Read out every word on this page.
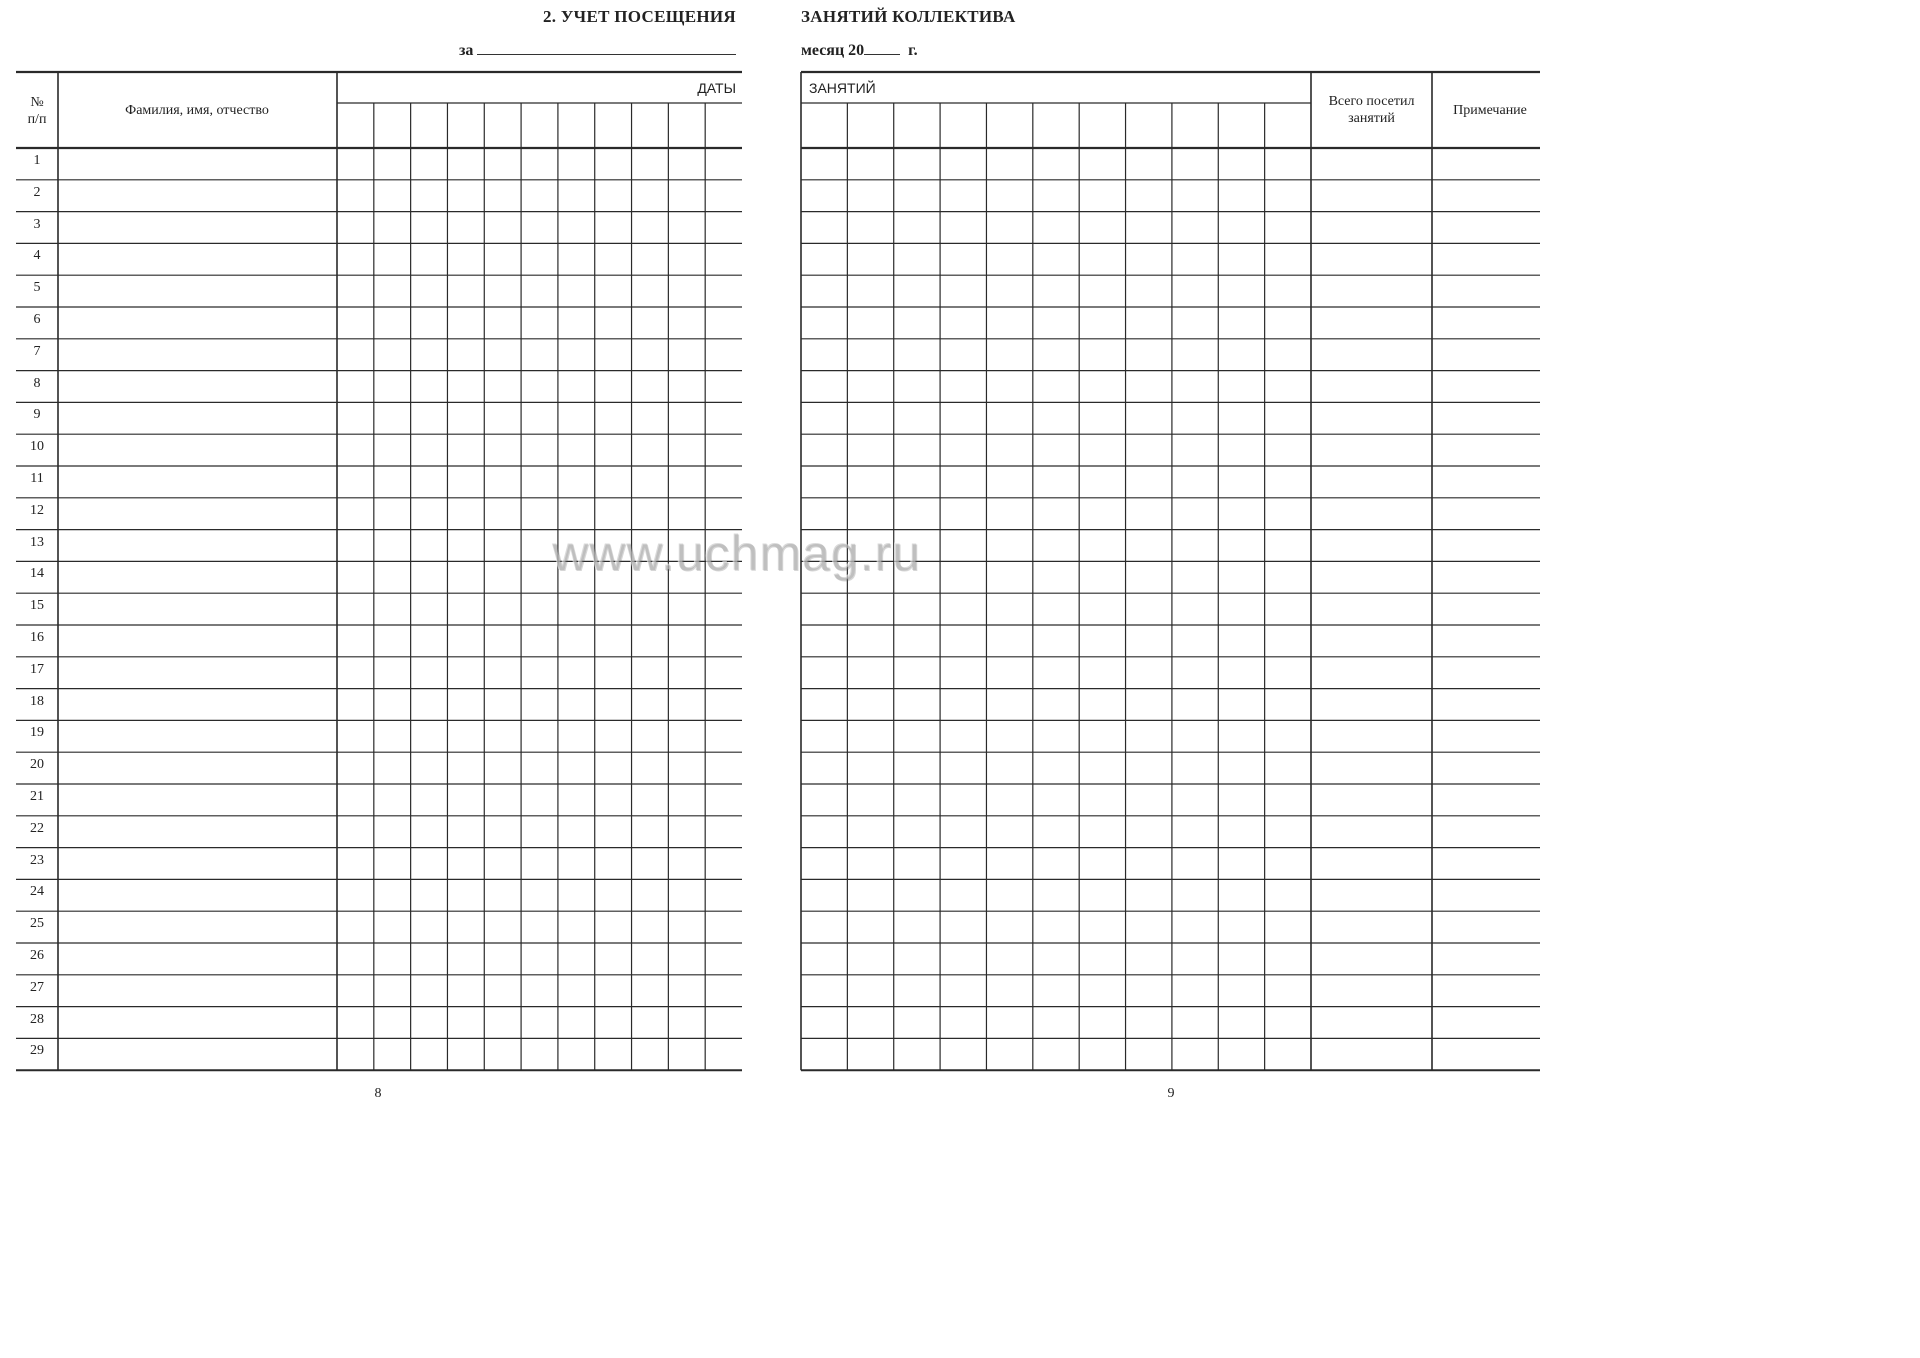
2. УЧЕТ ПОСЕЩЕНИЯ
за
№
п/п
Фамилия, имя, отчество
ДАТЫ
1
2
3
4
5
6
7
8
9
10
11
12
13
14
15
16
17
18
19
20
21
22
23
24
25
26
27
28
29
8
ЗАНЯТИЙ КОЛЛЕКТИВА
месяц 20	г.
ЗАНЯТИЙ
Всего посетил
занятий
Примечание
9
www.uchmag.ru
